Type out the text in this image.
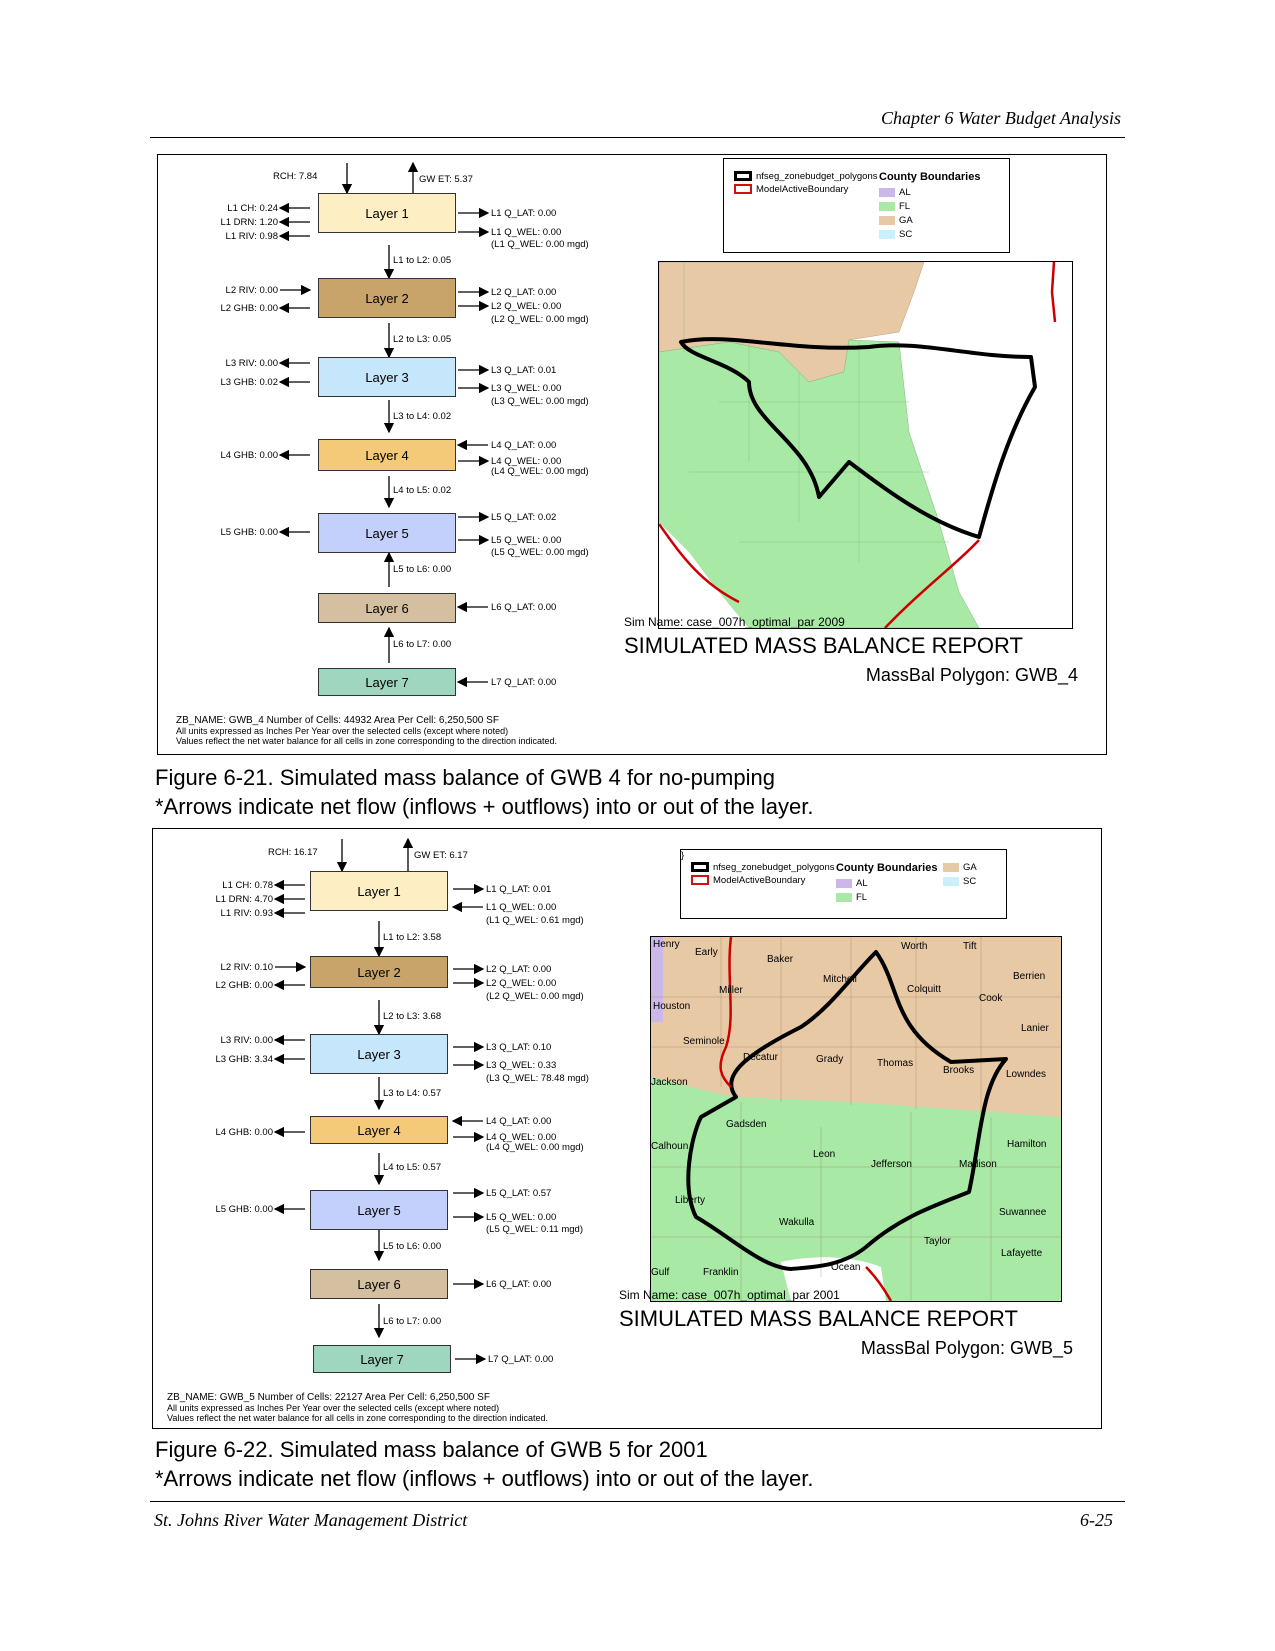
Chapter 6 Water Budget Analysis
RCH: 7.84	GW ET: 5.37
Layer 1
Layer 2
Layer 3
Layer 4
Layer 5
Layer 6
Layer 7
L1 CH: 0.24
L1 DRN: 1.20
L1 RIV: 0.98
L2 RIV: 0.00
L2 GHB: 0.00
L3 RIV: 0.00
L3 GHB: 0.02
L4 GHB: 0.00
L5 GHB: 0.00
L1 Q_LAT: 0.00
L1 Q_WEL: 0.00
(L1 Q_WEL: 0.00 mgd)
L2 Q_LAT: 0.00
L2 Q_WEL: 0.00
(L2 Q_WEL: 0.00 mgd)
L3 Q_LAT: 0.01
L3 Q_WEL: 0.00
(L3 Q_WEL: 0.00 mgd)
L4 Q_LAT: 0.00
L4 Q_WEL: 0.00
(L4 Q_WEL: 0.00 mgd)
L5 Q_LAT: 0.02
L5 Q_WEL: 0.00
(L5 Q_WEL: 0.00 mgd)
L6 Q_LAT: 0.00
L7 Q_LAT: 0.00
L1 to L2: 0.05
L2 to L3: 0.05
L3 to L4: 0.02
L4 to L5: 0.02
L5 to L6: 0.00
L6 to L7: 0.00
ZB_NAME: GWB_4 Number of Cells: 44932 Area Per Cell: 6,250,500 SF
All units expressed as Inches Per Year over the selected cells (except where noted)
Values reflect the net water balance for all cells in zone corresponding to the direction indicated.
nfseg_zonebudget_polygons
ModelActiveBoundary
County Boundaries
AL
FL
GA
SC
Sim Name: case_007h_optimal_par 2009
SIMULATED MASS BALANCE REPORT
MassBal Polygon: GWB_4
Figure 6-21. Simulated mass balance of GWB 4 for no-pumping
*Arrows indicate net flow (inflows + outflows) into or out of the layer.
RCH: 16.17	GW ET: 6.17
Layer 1
Layer 2
Layer 3
Layer 4
Layer 5
Layer 6
Layer 7
L1 CH: 0.78
L1 DRN: 4.70
L1 RIV: 0.93
L2 RIV: 0.10
L2 GHB: 0.00
L3 RIV: 0.00
L3 GHB: 3.34
L4 GHB: 0.00
L5 GHB: 0.00
L1 Q_LAT: 0.01
L1 Q_WEL: 0.00
(L1 Q_WEL: 0.61 mgd)
L2 Q_LAT: 0.00
L2 Q_WEL: 0.00
(L2 Q_WEL: 0.00 mgd)
L3 Q_LAT: 0.10
L3 Q_WEL: 0.33
(L3 Q_WEL: 78.48 mgd)
L4 Q_LAT: 0.00
L4 Q_WEL: 0.00
(L4 Q_WEL: 0.00 mgd)
L5 Q_LAT: 0.57
L5 Q_WEL: 0.00
(L5 Q_WEL: 0.11 mgd)
L6 Q_LAT: 0.00
L7 Q_LAT: 0.00
L1 to L2: 3.58
L2 to L3: 3.68
L3 to L4: 0.57
L4 to L5: 0.57
L5 to L6: 0.00
L6 to L7: 0.00
ZB_NAME: GWB_5 Number of Cells: 22127 Area Per Cell: 6,250,500 SF
All units expressed as Inches Per Year over the selected cells (except where noted)
Values reflect the net water balance for all cells in zone corresponding to the direction indicated.
nfseg_zonebudget_polygons
ModelActiveBoundary
County Boundaries
AL
FL
GA
SC
}
Henry
Early
Baker
Worth	Tift
Miller
Mitchell
Colquitt
Berrien
Cook
Houston
Lanier
Seminole
Decatur	Grady	Thomas
Brooks	Lowndes
Jackson
Gadsden
Calhoun
Leon
Jefferson	Madison
Hamilton
Liberty
Wakulla
Suwannee
Taylor
Lafayette
Gulf	Franklin	Ocean
Sim Name: case_007h_optimal_par 2001
SIMULATED MASS BALANCE REPORT
MassBal Polygon: GWB_5
Figure 6-22. Simulated mass balance of GWB 5 for 2001
*Arrows indicate net flow (inflows + outflows) into or out of the layer.
St. Johns River Water Management District	6-25
